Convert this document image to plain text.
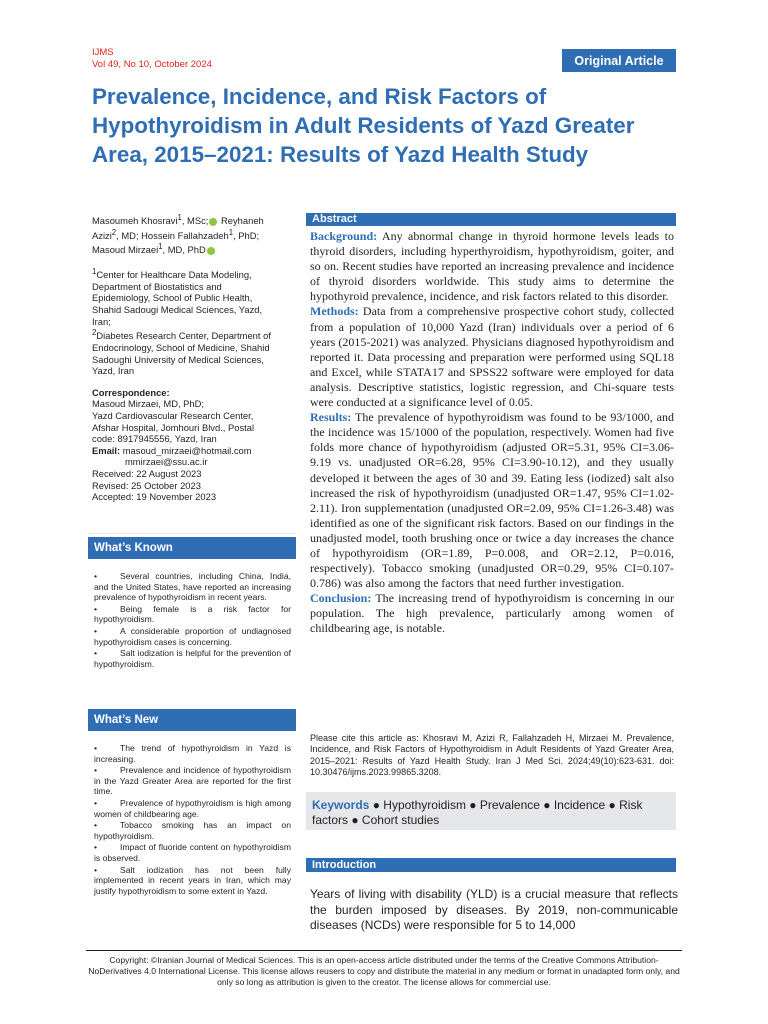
IJMS
Vol 49, No 10, October 2024	Original Article
Prevalence, Incidence, and Risk Factors of Hypothyroidism in Adult Residents of Yazd Greater Area, 2015–2021: Results of Yazd Health Study
Masoumeh Khosravi$^1$, MSc; Reyhaneh Azizi$^2$, MD; Hossein Fallahzadeh$^1$, PhD; Masoud Mirzaei$^1$, MD, PhD
$^1$Center for Healthcare Data Modeling, Department of Biostatistics and Epidemiology, School of Public Health, Shahid Sadougi Medical Sciences, Yazd, Iran;
$^2$Diabetes Research Center, Department of Endocrinology, School of Medicine, Shahid Sadoughi University of Medical Sciences, Yazd, Iran
Correspondence:
Masoud Mirzaei, MD, PhD;
Yazd Cardiovascular Research Center, Afshar Hospital, Jomhouri Blvd., Postal code: 8917945556, Yazd, Iran
Email: masoud_mirzaei@hotmail.com
mmirzaei@ssu.ac.ir
Received: 22 August 2023
Revised: 25 October 2023
Accepted: 19 November 2023
What’s Known
•	Several countries, including China, India, and the United States, have reported an increasing prevalence of hypothyroidism in recent years.
•	Being female is a risk factor for hypothyroidism.
•	A considerable proportion of undiagnosed hypothyroidism cases is concerning.
•	Salt iodization is helpful for the prevention of hypothyroidism.
What’s New
•	The trend of hypothyroidism in Yazd is increasing.
•	Prevalence and incidence of hypothyroidism in the Yazd Greater Area are reported for the first time.
•	Prevalence of hypothyroidism is high among women of childbearing age.
•	Tobacco smoking has an impact on hypothyroidism.
•	Impact of fluoride content on hypothyroidism is observed.
•	Salt iodization has not been fully implemented in recent years in Iran, which may justify hypothyroidism to some extent in Yazd.
Abstract
Background: Any abnormal change in thyroid hormone levels leads to thyroid disorders, including hyperthyroidism, hypothyroidism, goiter, and so on. Recent studies have reported an increasing prevalence and incidence of thyroid disorders worldwide. This study aims to determine the hypothyroid prevalence, incidence, and risk factors related to this disorder.
Methods: Data from a comprehensive prospective cohort study, collected from a population of 10,000 Yazd (Iran) individuals over a period of 6 years (2015-2021) was analyzed. Physicians diagnosed hypothyroidism and reported it. Data processing and preparation were performed using SQL18 and Excel, while STATA17 and SPSS22 software were employed for data analysis. Descriptive statistics, logistic regression, and Chi-square tests were conducted at a significance level of 0.05.
Results: The prevalence of hypothyroidism was found to be 93/1000, and the incidence was 15/1000 of the population, respectively. Women had five folds more chance of hypothyroidism (adjusted OR=5.31, 95% CI=3.06-9.19 vs. unadjusted OR=6.28, 95% CI=3.90-10.12), and they usually developed it between the ages of 30 and 39. Eating less (iodized) salt also increased the risk of hypothyroidism (unadjusted OR=1.47, 95% CI=1.02-2.11). Iron supplementation (unadjusted OR=2.09, 95% CI=1.26-3.48) was identified as one of the significant risk factors. Based on our findings in the unadjusted model, tooth brushing once or twice a day increases the chance of hypothyroidism (OR=1.89, P=0.008, and OR=2.12, P=0.016, respectively). Tobacco smoking (unadjusted OR=0.29, 95% CI=0.107-0.786) was also among the factors that need further investigation.
Conclusion: The increasing trend of hypothyroidism is concerning in our population. The high prevalence, particularly among women of childbearing age, is notable.
Please cite this article as: Khosravi M, Azizi R, Fallahzadeh H, Mirzaei M. Prevalence, Incidence, and Risk Factors of Hypothyroidism in Adult Residents of Yazd Greater Area, 2015–2021: Results of Yazd Health Study. Iran J Med Sci. 2024;49(10):623-631. doi: 10.30476/ijms.2023.99865.3208.
Keywords ● Hypothyroidism ● Prevalence ● Incidence ● Risk factors ● Cohort studies
Introduction
Years of living with disability (YLD) is a crucial measure that reflects the burden imposed by diseases. By 2019, non-communicable diseases (NCDs) were responsible for 5 to 14,000
Copyright: ©Iranian Journal of Medical Sciences. This is an open-access article distributed under the terms of the Creative Commons Attribution-NoDerivatives 4.0 International License. This license allows reusers to copy and distribute the material in any medium or format in unadapted form only, and only so long as attribution is given to the creator. The license allows for commercial use.
